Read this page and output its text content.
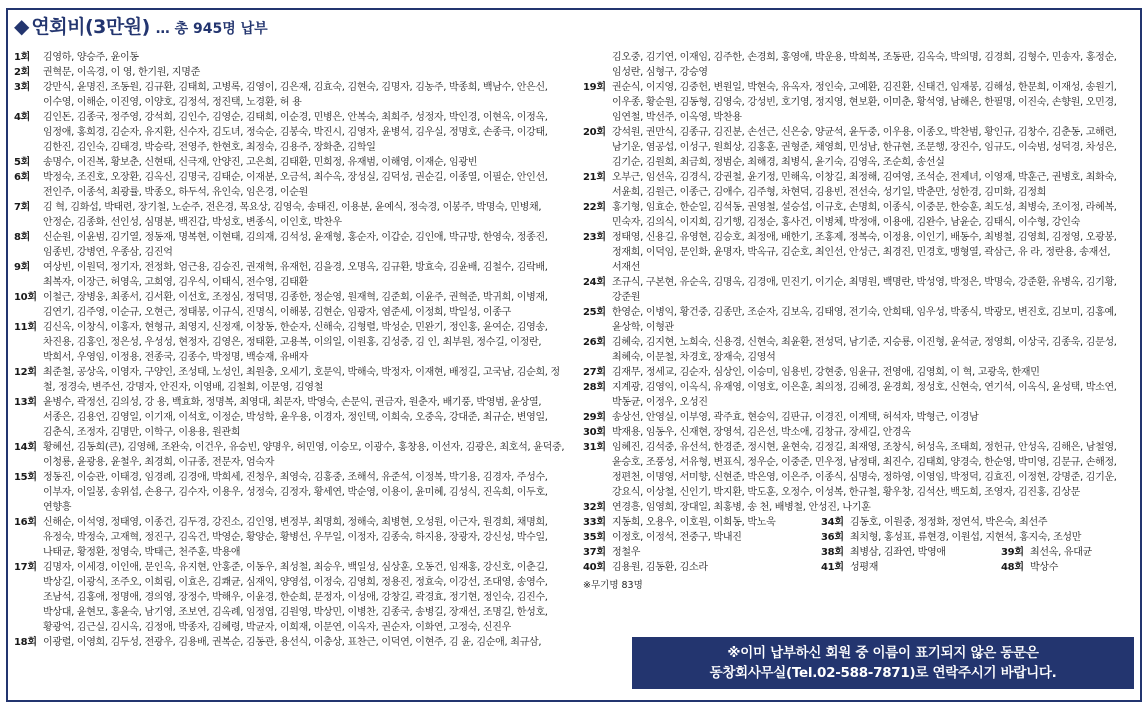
◆ 연회비(3만원) … 총 945명 납부
1회	김영하, 양승주, 윤이동
2회	권혁문, 이옥경, 이 영, 한기원, 지명준
3회	강만식, 윤명진, 조동원, 김규환, 김태희, 고병록, 김영이, 김은재, 김효숙, 김현숙, 김명자, 김농주, 박종희, 백남수, 안은신, 이수영, 이해순, 이진영, 이양호, 김정석, 정진택, 노경환, 허 용
4회	김인돈, 김종국, 정주영, 강석희, 김인수, 김영순, 김태희, 이순경, 민병은, 안복숙, 최희주, 성정자, 박인경, 이현옥, 이정옥, 임정애, 홍희경, 김순자, 유지환, 신수자, 김도녀, 정숙순, 김봉숙, 박진시, 김영자, 윤병석, 김우실, 정명호, 손종극, 이강태, 김한진, 김인숙, 김태경, 박승락, 전영주, 한현호, 최정숙, 김용주, 장화춘, 김학일
5회	송명수, 이진복, 황보춘, 신현태, 신극재, 안양진, 고은희, 김태환, 민희정, 유재범, 이해영, 이재순, 임광빈
6회	박정숙, 조진호, 오장환, 김옥신, 김명국, 김태순, 이재분, 오금석, 최수옥, 장성실, 김덕성, 권순길, 이종열, 이필순, 안인선, 전인주, 이종석, 최광률, 박종오, 하두석, 유인숙, 임은경, 이순원
7회	김 혁, 김화섭, 박태련, 장기철, 노순주, 전은경, 목요상, 김영숙, 송태진, 이용분, 윤예식, 정숙경, 이봉주, 박명숙, 민병채, 안정순, 김종화, 선인성, 심명분, 백진갑, 박성호, 변종식, 이인호, 박찬우
8회	신순원, 이윤범, 김기열, 정동재, 명복현, 이현태, 김의재, 김석성, 윤재형, 홍순자, 이갑순, 김인애, 박규방, 한영숙, 정종진, 임종빈, 강병연, 우종삼, 김진억
9회	여상빈, 이원덕, 정기자, 전정화, 엄근용, 김승진, 권재혁, 유재헌, 김을경, 오명옥, 김규환, 방효숙, 김윤배, 김철수, 김락배, 최복자, 이장근, 허영옥, 고희영, 김우식, 이태식, 전수영, 김태환
10회 이철근, 장병웅, 최종서, 김서환, 이선호, 조정심, 정덕명, 김종한, 정순영, 원재혁, 김준회, 이윤주, 권혁준, 박귀희, 이병재, 김연기, 김주영, 이순규, 오현근, 정태봉, 이규식, 진명식, 이해봉, 김현순, 임광자, 염준세, 이정희, 박일성, 이종구
11회 김신옥, 이창식, 이홍자, 현형규, 최영지, 신정재, 이창동, 한순자, 신해숙, 김형렬, 박성순, 민완기, 정인홍, 윤여순, 김영송, 차진용, 김홍인, 정은성, 우성성, 현정자, 김영은, 정태환, 고용복, 이의일, 이원홍, 김성중, 김 인, 최부원, 정수길, 이정란, 박희서, 우영임, 이정용, 전종국, 김종수, 박정명, 백승재, 유배자
12회 최준철, 공상옥, 이영자, 구양인, 조성태, 노성인, 최원충, 오세기, 호문익, 박해숙, 박정자, 이재현, 배정길, 고국남, 김순희, 정 철, 정경숙, 변주선, 강명자, 안진자, 이영배, 김철회, 이문영, 김영철
13회 윤병수, 곽정선, 김의성, 강 용, 백효화, 정명복, 최영대, 최문자, 박영숙, 손문익, 권금자, 원춘자, 배기풍, 박영범, 윤상열, 서종은, 김용언, 김영일, 이기재, 이석호, 이정순, 박성학, 윤우용, 이경자, 정인택, 이희숙, 오중옥, 강대준, 최규순, 변영일, 김춘식, 조정자, 김명만, 이학구, 이용용, 원관희
14회 황혜선, 김동희(큰), 김영해, 조완숙, 이건우, 유승빈, 양명우, 허민영, 이승모, 이광수, 홍창용, 이선자, 김광은, 최호석, 윤덕중, 이청룡, 윤광용, 윤철우, 최경희, 이규종, 전문자, 엄숙자
15회 정동진, 이승관, 이태경, 임경례, 김경애, 박희세, 진청우, 최영숙, 김홍중, 조해석, 유준석, 이정복, 박기용, 김경자, 주성수, 이부자, 이일봉, 송위섭, 손용구, 김수자, 이용우, 성정숙, 김정자, 황세연, 박순영, 이용이, 윤미혜, 김성식, 진옥희, 이두호, 연향흥
16회 신해순, 이석영, 정태영, 이종건, 김두경, 강진소, 김인영, 변정부, 최명희, 정해숙, 최병현, 오성원, 이근자, 원경희, 채명희, 유정숙, 박정숙, 고재혁, 정진구, 김옥건, 박영순, 황양순, 황병선, 우무일, 이정자, 김종숙, 하지용, 장광자, 강신성, 박수일, 나태균, 황정환, 정영숙, 박태근, 천주훈, 박용애
17회 김명자, 이세경, 이인애, 문인옥, 유지현, 안홍준, 이동우, 최성철, 최승우, 백일성, 심상훈, 오동건, 임재홍, 강신호, 이춘길, 박상길, 이광식, 조주오, 이희림, 이효은, 김쾌균, 심재익, 양영섭, 이정숙, 김영희, 정용진, 정효숙, 이강선, 조대영, 송영수, 조남석, 김홍애, 정명애, 경의영, 장정수, 박해우, 이윤경, 한순희, 문정자, 이성애, 강창길, 곽경효, 정기현, 정인숙, 김진수, 박상대, 윤현모, 홍윤숙, 남기영, 조보연, 김옥례, 임정엽, 김원영, 박상민, 이병찬, 김종국, 송병길, 장재선, 조명길, 한성호, 황광억, 김근실, 김시옥, 김정애, 박종자, 김혜령, 박균자, 이희재, 이문연, 이옥자, 권순자, 이화연, 고정숙, 신진우
18회 이광렬, 이영희, 김두성, 전광우, 김용배, 권복순, 김동관, 용선식, 이충상, 표찬근, 이덕연, 이현주, 김 윤, 김순애, 최규삼,
김오중, 김기연, 이재임, 김주한, 손경희, 홍영애, 박운용, 박희복, 조동판, 김옥숙, 박의명, 김경희, 김형수, 민송자, 홍정순, 임성란, 심형구, 강승영
19회 권순식, 이지영, 김중헌, 변원일, 박현숙, 유옥자, 정인숙, 고예환, 김진환, 신태건, 임재봉, 김해성, 한문희, 이재성, 송원기, 이우종, 황순원, 김동형, 김영숙, 강성빈, 호기영, 정지영, 현보환, 이미춘, 황석영, 남해은, 한필명, 이진숙, 손향원, 오민경, 임연철, 박선주, 이옥영, 박찬용
20회 강석원, 권만식, 김종규, 김진분, 손선근, 신은숭, 양균석, 윤두중, 이우용, 이종오, 박찬범, 황인규, 김창수, 김춘동, 고해련, 남기운, 염공섭, 이성구, 원희상, 김홍훈, 권형준, 채영희, 민성남, 한규현, 조문행, 장진수, 임규도, 이숙범, 성덕경, 차성은, 김기순, 김원희, 최금희, 정범순, 최해경, 최병식, 윤기숙, 김영옥, 조순희, 송선실
21회 오부근, 임선옥, 김경식, 강권철, 윤기정, 민해옥, 이창길, 최정해, 김여영, 조석순, 전제녀, 이영재, 박훈근, 권병호, 최화숙, 서윤희, 김원근, 이종근, 김애수, 김주형, 차현덕, 김용빈, 전선숙, 성기일, 박춘만, 성한경, 김미화, 김정희
22회 홍기형, 임효순, 한순일, 김석동, 권영철, 설승섭, 이규호, 손명희, 이종식, 이중문, 한승훈, 최도성, 최병숙, 조이정, 라혜복, 민숙자, 김의식, 이지희, 김기행, 김정순, 홍사건, 이병체, 박정애, 이용애, 김완수, 남윤순, 김태식, 이수형, 강인숙
23회 정태영, 신용길, 유영현, 김승호, 최정애, 배한기, 조홍제, 정복숙, 이정용, 이인기, 배동수, 최병철, 김영희, 김정영, 오광봉, 정재희, 이덕임, 문인화, 윤명자, 박옥규, 김순호, 최인선, 안성근, 최경진, 민경호, 맹형열, 곽삼근, 유 라, 정란용, 송재선, 서재선
24회 조규식, 구본현, 유순옥, 김명옥, 김경애, 민진기, 이기순, 최명원, 백명란, 박성영, 박정은, 박명숙, 강준환, 유병옥, 김기황, 강준원
25회 한영순, 이병익, 황건중, 김종만, 조순자, 김보옥, 김태영, 전기숙, 안희태, 임우성, 박종식, 박광모, 변진호, 김보미, 김홍예, 윤상학, 이형관
26회 김혜숙, 김지현, 노희숙, 신용경, 신현숙, 최윤환, 전성덕, 남기준, 지승룡, 이진형, 윤석균, 정영희, 이상국, 김종욱, 김문성, 최혜숙, 이문철, 차경호, 장재숙, 김영석
27회 김재무, 정세교, 김순자, 심상인, 이승미, 임용빈, 강현중, 임윤규, 전영애, 김영희, 이 혁, 고광욱, 한재민
28회 지계광, 김영익, 이옥식, 유재영, 이영호, 이은훈, 최의정, 김혜경, 윤경희, 정성호, 신현숙, 연기석, 이옥식, 윤성택, 박소연, 박동균, 이정우, 오성진
29회 송상선, 안영실, 이부영, 곽주효, 현승익, 김판규, 이경진, 이계택, 허석자, 박형근, 이경남
30회 박재용, 임동우, 신재현, 장영석, 김은선, 박소애, 김창규, 장세길, 안경옥
31회 임혜진, 김석중, 유선석, 한경준, 정시현, 윤현숙, 김정길, 최재영, 조창식, 허성옥, 조태희, 정헌규, 안성옥, 김해은, 남철영, 윤승호, 조풍성, 서유형, 변표식, 정우순, 이중준, 민우정, 남정태, 최진수, 김태희, 양경숙, 한순영, 박미영, 김문규, 손해정, 정편천, 이명영, 서미향, 신현준, 박은영, 이은주, 이종식, 심명숙, 정하영, 이영임, 박정덕, 김효진, 이정현, 강명준, 김기운, 강요식, 이상철, 신인기, 박지환, 박도훈, 오정수, 이성복, 한규철, 황우창, 김석산, 백도희, 조영자, 김진홍, 김상문
32회 연경흥, 임영희, 장대일, 최홍병, 송 천, 배병철, 안성진, 나기훈
33회 지동희, 오용우, 이호원, 이희동, 박노욱	34회 김동호, 이원중, 정정화, 정연석, 박은숙, 최선주
35회 이정호, 이정석, 전중구, 박내진	36회 최치형, 홍성표, 류현경, 이원섭, 지현석, 홍지숙, 조성만
37회 정철우	38회 최병삼, 김좌연, 박영애	39회 최선옥, 유대균
40회 김용원, 김동환, 김소라	41회 성평재	48회 박상수
※무기명 83명
※이미 납부하신 회원 중 이름이 표기되지 않은 동문은
동창회사무실(Tel.02-588-7871)로 연락주시기 바랍니다.
